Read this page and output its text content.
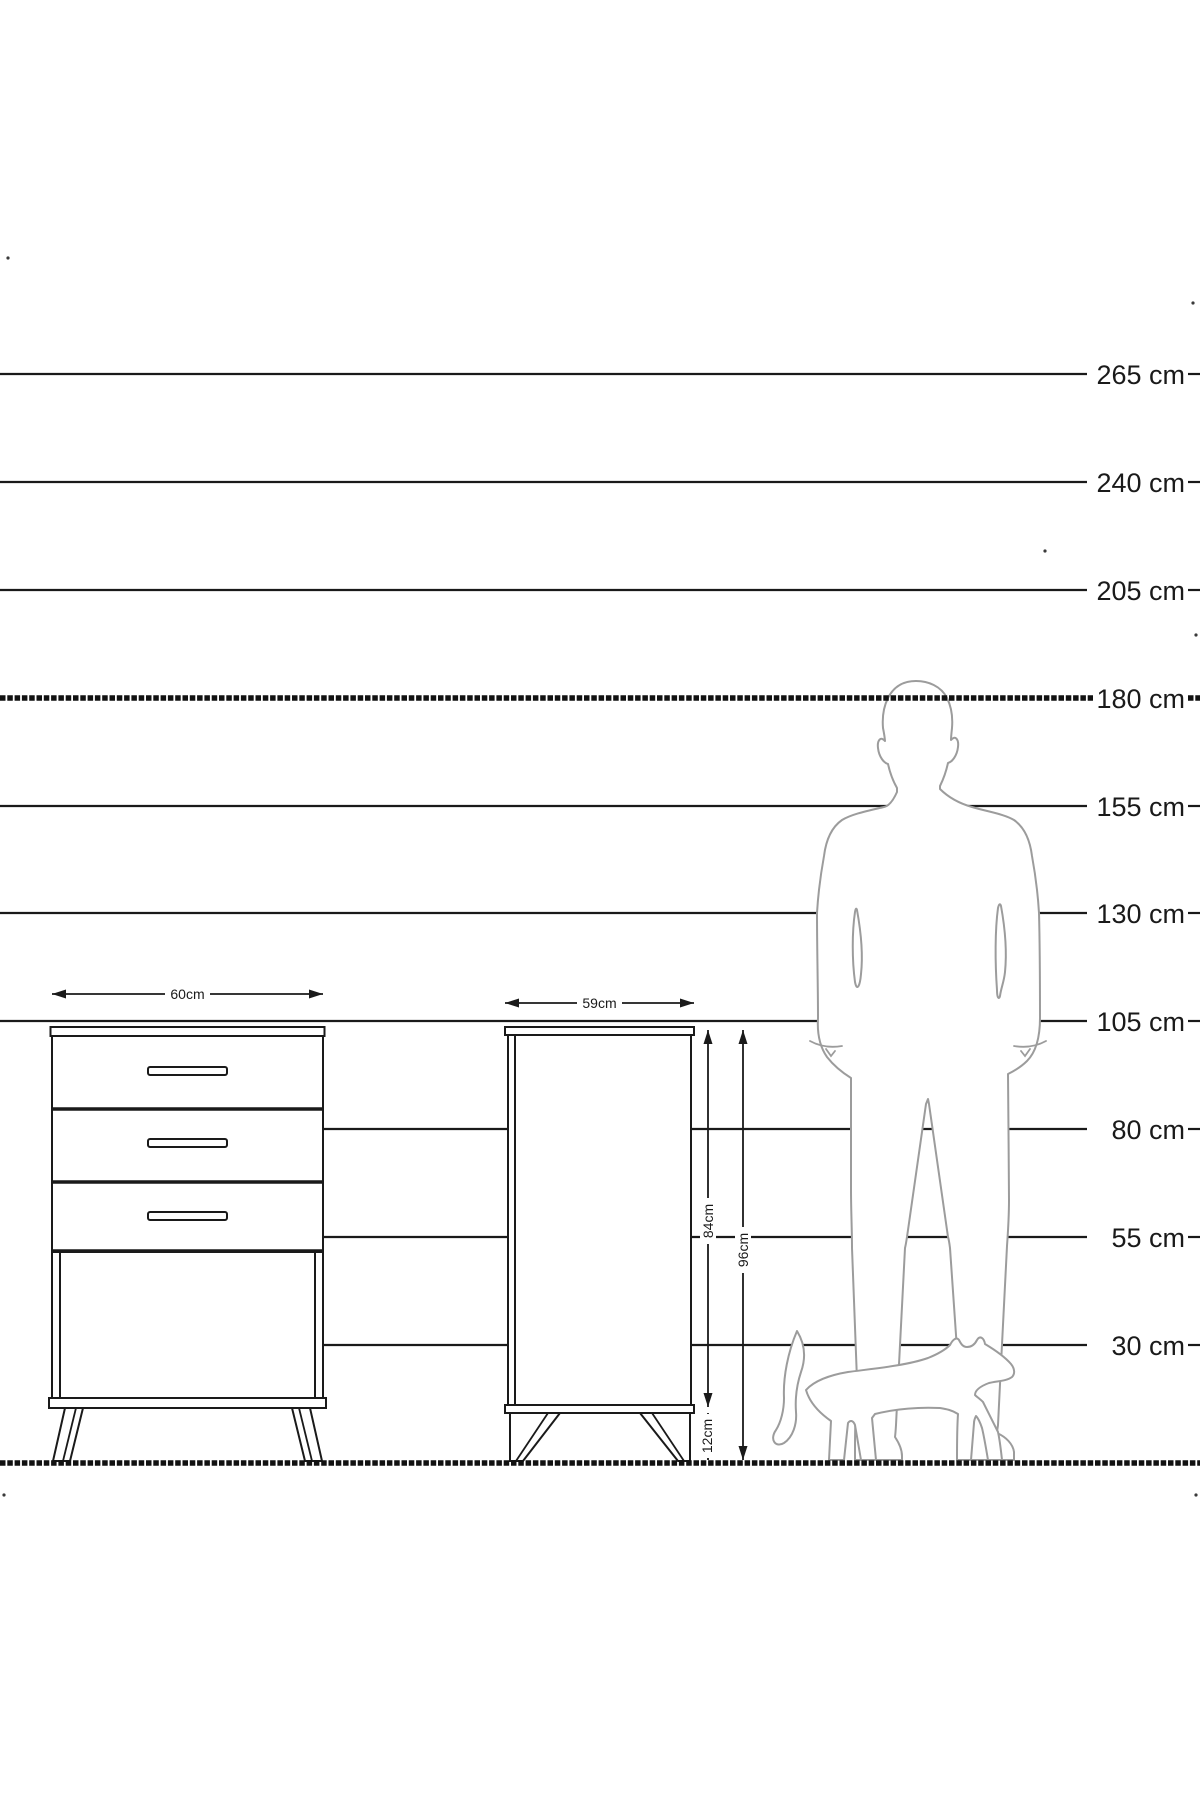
60cm
59cm
84cm
96cm
12cm
265 cm
240 cm
205 cm
180 cm
155 cm
130 cm
105 cm
80 cm
55 cm
30 cm
